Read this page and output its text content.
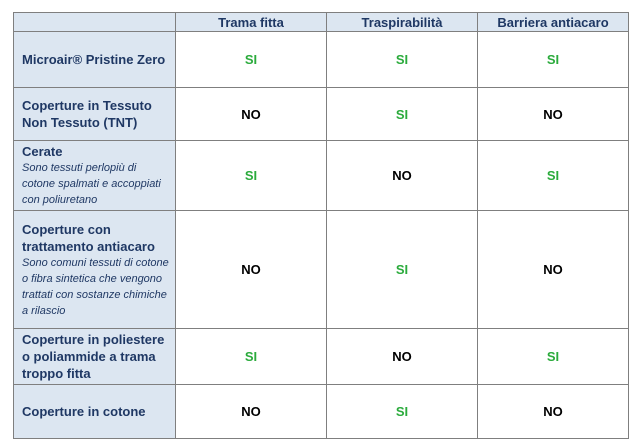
	Trama fitta	Traspirabilità	Barriera antiacaro

Microair® Pristine Zero	SI	SI	SI

Coperture in Tessuto Non Tessuto (TNT)	NO	SI	NO

Cerate
Sono tessuti perlopiù di cotone spalmati e accoppiati con poliuretano	SI	NO	SI

Coperture con trattamento antiacaro
Sono comuni tessuti di cotone o fibra sintetica che vengono trattati con sostanze chimiche a rilascio	NO	SI	NO

Coperture in poliestere o poliammide a trama troppo fitta	SI	NO	SI

Coperture in cotone	NO	SI	NO
